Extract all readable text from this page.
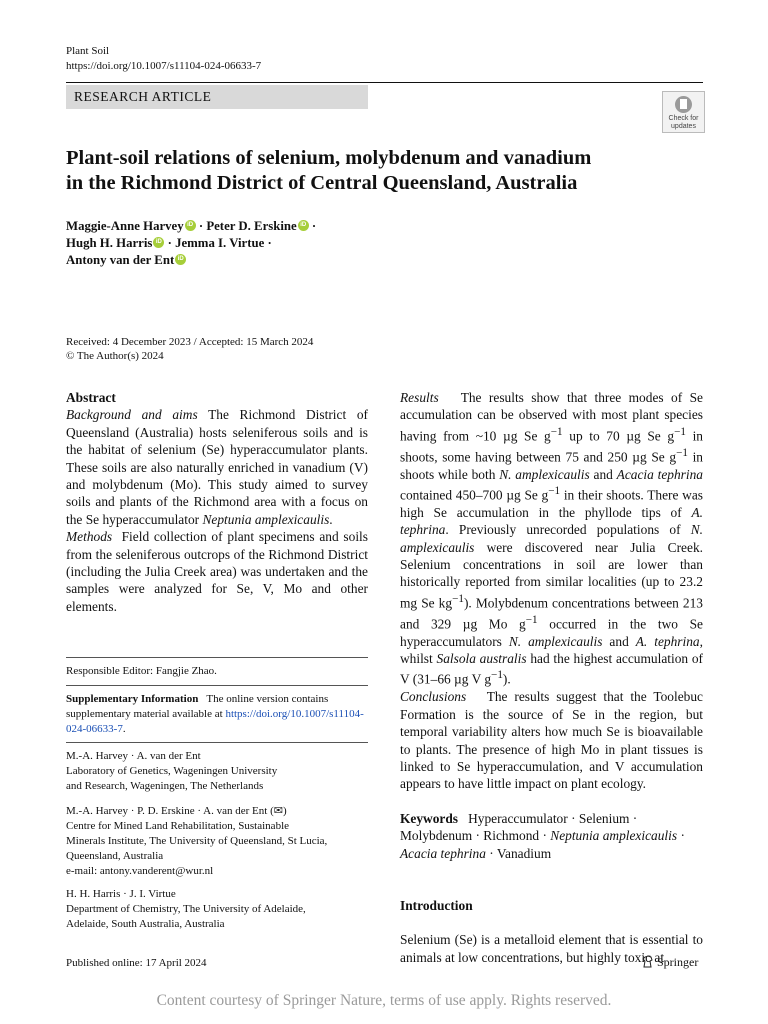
Plant Soil
https://doi.org/10.1007/s11104-024-06633-7
RESEARCH ARTICLE
Check for updates
Plant-soil relations of selenium, molybdenum and vanadium
in the Richmond District of Central Queensland, Australia
Maggie-Anne HarveyiD · Peter D. ErskineiD ·
Hugh H. HarrisiD · Jemma I. Virtue ·
Antony van der EntiD
Received: 4 December 2023 / Accepted: 15 March 2024
© The Author(s) 2024
Abstract
Background and aims The Richmond District of Queensland (Australia) hosts seleniferous soils and is the habitat of selenium (Se) hyperaccumulator plants. These soils are also naturally enriched in vanadium (V) and molybdenum (Mo). This study aimed to survey soils and plants of the Richmond area with a focus on the Se hyperaccumulator Neptunia amplexicaulis.
Methods Field collection of plant specimens and soils from the seleniferous outcrops of the Richmond District (including the Julia Creek area) was undertaken and the samples were analyzed for Se, V, Mo and other elements.
Results The results show that three modes of Se accumulation can be observed with most plant species having from ~10 µg Se $g^{-1}$ up to 70 µg Se $g^{-1}$ in shoots, some having between 75 and 250 µg Se $g^{-1}$ in shoots while both N. amplexicaulis and Acacia tephrina contained 450–700 µg Se $g^{-1}$ in their shoots. There was high Se accumulation in the phyllode tips of A. tephrina. Previously unrecorded populations of N. amplexicaulis were discovered near Julia Creek. Selenium concentrations in soil are lower than historically reported from similar localities (up to 23.2 mg Se $kg^{-1}$). Molybdenum concentrations between 213 and 329 µg Mo $g^{-1}$ occurred in the two Se hyperaccumulators N. amplexicaulis and A. tephrina, whilst Salsola australis had the highest accumulation of V (31–66 µg V $g^{-1}$).
Conclusions The results suggest that the Toolebuc Formation is the source of Se in the region, but temporal variability alters how much Se is bioavailable to plants. The presence of high Mo in plant tissues is linked to Se hyperaccumulation, and V accumulation appears to have little impact on plant ecology.
Keywords Hyperaccumulator · Selenium · Molybdenum · Richmond · Neptunia amplexicaulis · Acacia tephrina · Vanadium
Introduction
Selenium (Se) is a metalloid element that is essential to animals at low concentrations, but highly toxic at
Responsible Editor: Fangjie Zhao.
Supplementary Information The online version contains supplementary material available at https://doi.org/10.1007/s11104-024-06633-7.
M.-A. Harvey · A. van der Ent
Laboratory of Genetics, Wageningen University
and Research, Wageningen, The Netherlands
M.-A. Harvey · P. D. Erskine · A. van der Ent (✉)
Centre for Mined Land Rehabilitation, Sustainable
Minerals Institute, The University of Queensland, St Lucia,
Queensland, Australia
e-mail: antony.vanderent@wur.nl
H. H. Harris · J. I. Virtue
Department of Chemistry, The University of Adelaide,
Adelaide, South Australia, Australia
Published online: 17 April 2024	Springer
Content courtesy of Springer Nature, terms of use apply. Rights reserved.
